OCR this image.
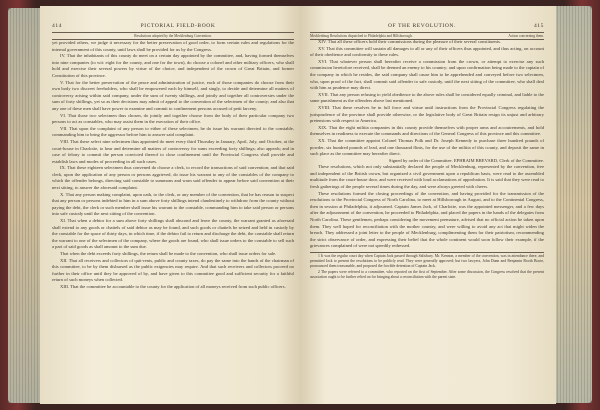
414	PICTORIAL FIELD-BOOK
Resolutions adopted by the Mecklenburg Convention.

yet provided others, we judge it necessary for the better preservation of good order, to form certain rules and regulations for the internal government of this county, until laws shall be provided for us by the Congress.

IV. That the inhabitants of this county do meet on a certain day appointed by the committee, and, having formed themselves into nine companies (to wit: eight for the county, and one for the town), do choose a colonel and other military officers, who shall hold and exercise their several powers by virtue of the choice, and independent of the crown of Great Britain, and former Constitution of this province.

V. That for the better preservation of the peace and administration of justice, each of those companies do choose from their own body two discreet freeholders, who shall be empowered each by himself, and singly, to decide and determine all matters of controversy arising within said company, under the sum of twenty shillings, and jointly and together all controversies under the sum of forty shillings, yet so as their decisions may admit of appeal to the convention of the selectmen of the county; and also that any one of these men shall have power to examine and commit to confinement persons accused of petit larceny.

VI. That those two selectmen thus chosen, do jointly and together choose from the body of their particular company two persons to act as constables, who may assist them in the execution of their office.

VII. That upon the complaint of any person to either of these selectmen, he do issue his warrant directed to the constable, commanding him to bring the aggressor before him to answer said complaint.

VIII. That these select nine selectmen thus appointed do meet every third Thursday in January, April, July, and October, at the court-house in Charlotte, to hear and determine all matters of controversy for sums exceeding forty shillings; also appeals; and in case of felony to commit the person convicted thereof to close confinement until the Provincial Congress shall provide and establish laws and modes of proceeding in all such cases.

IX. That these eighteen selectmen thus convened do choose a clerk, to record the transactions of said convention; and that said clerk, upon the application of any person or persons aggrieved, do issue his warrant to any of the constables of the company to which the offender belongs, directing said constable to summons and warn said offender to appear before said convention at their next sitting, to answer the aforesaid complaint.

X. That any person making complaint, upon oath, to the clerk, or any member of the convention, that he has reason to suspect that any person or persons indebted to him in a sum above forty shillings intend clandestinely to withdraw from the county without paying the debt, the clerk or such member shall issue his warrant to the constable, commanding him to take said person or persons into safe custody until the next sitting of the convention.

XI. That when a debtor for a sum above forty shillings shall abscond and leave the county, the warrant granted as aforesaid shall extend to any goods or chattels of said debtor as may be found, and such goods or chattels be seized and held in custody by the constable for the space of thirty days, in which time, if the debtor fail to return and discharge the debt, the constable shall return the warrant to one of the selectmen of the company, where the goods are found, who shall issue orders to the constable to sell such a part of said goods as shall amount to the sum due.

That when the debt exceeds forty shillings, the return shall be made to the convention, who shall issue orders for sale.

XII. That all receivers and collectors of quit-rents, public and county taxes, do pay the same into the hands of the chairman of this committee, to be by them disbursed as the public exigencies may require. And that such receivers and collectors proceed no further in their office until they be approved of by, and have given to this committee good and sufficient security for a faithful return of such moneys when collected.

XIII. That the committee be accountable to the county for the application of all moneys received from such public officers.

OF THE REVOLUTION.	415
Mecklenburg Resolutions dispatched to Philadelphia and Hillsborough.	Action concerning them.

XIV. That all these officers hold their commissions during the pleasure of their several constituents.

XV. That this committee will sustain all damages to all or any of their officers thus appointed, and thus acting, on account of their obedience and conformity to these rules.

XVI. That whatever person shall hereafter receive a commission from the crown, or attempt to exercise any such commission heretofore received, shall be deemed an enemy to his country; and upon confirmation being made to the captain of the company in which he resides, the said company shall cause him to be apprehended and conveyed before two selectmen, who, upon proof of the fact, shall commit said offender to safe custody, until the next sitting of the committee, who shall deal with him as prudence may direct.

XVII. That any person refusing to yield obedience to the above rules shall be considered equally criminal, and liable to the same punishment as the offenders above last mentioned.

XVIII. That these resolves be in full force and virtue until instructions from the Provincial Congress regulating the jurisprudence of the province shall provide otherwise, or the legislative body of Great Britain resign its unjust and arbitrary pretensions with respect to America.

XIX. That the eight militia companies in this county provide themselves with proper arms and accoutrements, and hold themselves in readiness to execute the commands and directions of the General Congress of this province and this committee.

XX. That the committee appoint Colonel Thomas Polk and Dr. Joseph Kennedy to purchase three hundred pounds of powder, six hundred pounds of lead, and one thousand flints, for the use of the militia of this county, and deposit the same in such place as the committee may hereafter direct.

Signed by order of the Committee. EPHRAIM BREVARD, Clerk of the Committee.

These resolutions, which not only substantially declared the people of Mecklenburg, represented by the convention, free and independent of the British crown, but organized a civil government upon a republican basis, were read to the assembled multitude from the court-house door, and were received with loud acclamations of approbation. It is said that they were read to fresh gatherings of the people several times during the day, and were always greeted with cheers.

These resolutions formed the closing proceedings of the convention, and having provided for the transmission of the resolutions to the Provincial Congress of North Carolina, to meet at Hillsborough in August, and to the Continental Congress, then in session at Philadelphia, it adjourned. Captain James Jack, of Charlotte, was the appointed messenger, and a few days after the adjournment of the convention, he proceeded to Philadelphia, and placed the papers in the hands of the delegates from North Carolina. These gentlemen, perhaps considering the movement premature, advised that no official action be taken upon them. They well hoped for reconciliation with the mother country, and were willing to avoid any act that might widen the breach. They addressed a joint letter to the people of Mecklenburg, complimenting them for their patriotism, recommending the strict observance of order, and expressing their belief that the whole continent would soon follow their example, if the grievances complained of were not speedily redressed.

1 It was the regular court day when Captain Jack passed through Salisbury. Mr. Kennon, a member of the convention, was in attendance there, and permitted Jack to present the resolutions to be publicly read. They were generally approved; but two lawyers, John Dunn and Benjamin Booth Boote, pronounced them treasonable, and proposed the forcible detention of Captain Jack.

2 The papers were referred to a committee, who reported on the first of September. After some discussion, the Congress resolved that the present association ought to be further relied on for bringing about a reconciliation with the parent state.
